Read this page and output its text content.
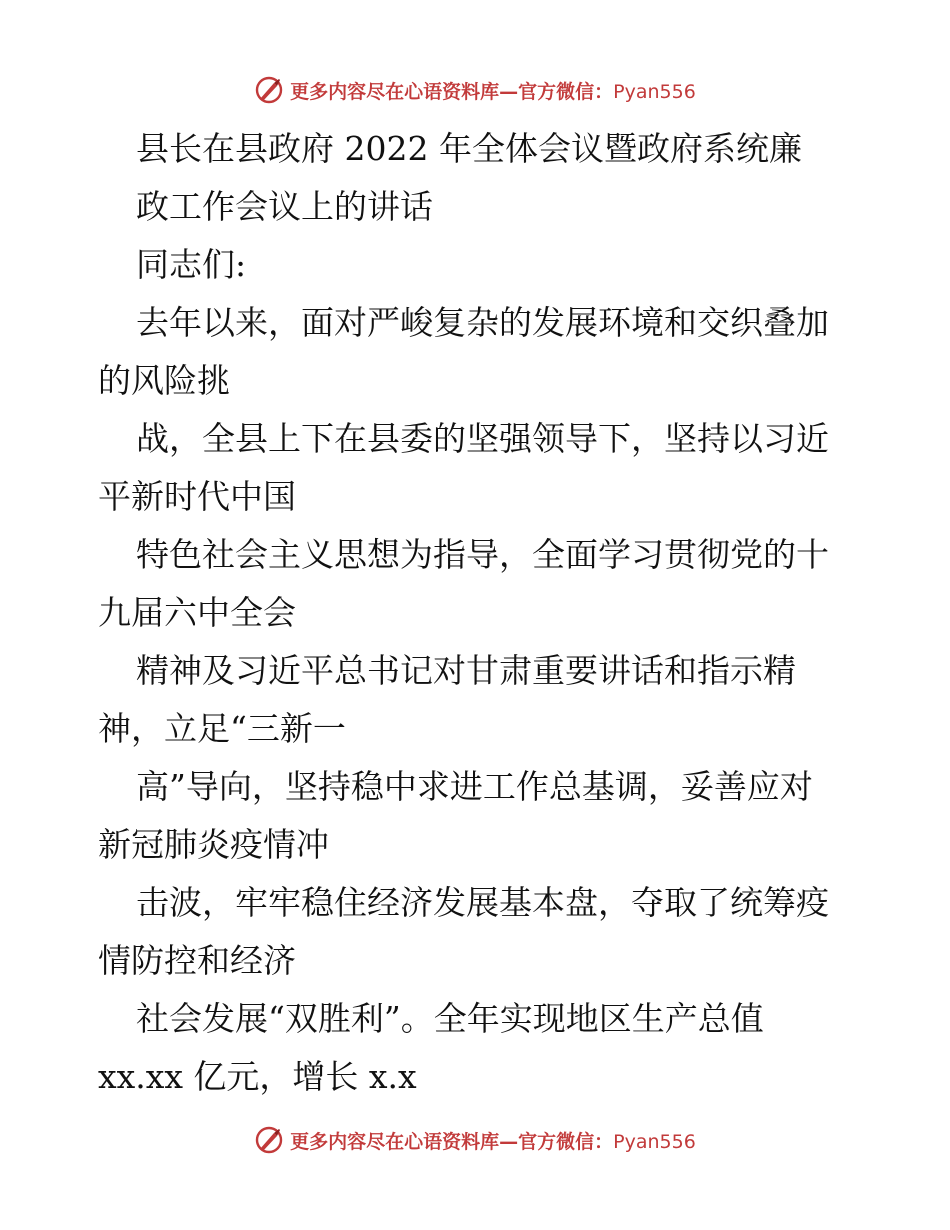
更多内容尽在心语资料库—官方微信：Pyan556
县长在县政府 2022 年全体会议暨政府系统廉
政工作会议上的讲话
同志们:
去年以来，面对严峻复杂的发展环境和交织叠加
的风险挑
战，全县上下在县委的坚强领导下，坚持以习近
平新时代中国
特色社会主义思想为指导，全面学习贯彻党的十
九届六中全会
精神及习近平总书记对甘肃重要讲话和指示精
神，立足“三新一
高”导向，坚持稳中求进工作总基调，妥善应对
新冠肺炎疫情冲
击波，牢牢稳住经济发展基本盘，夺取了统筹疫
情防控和经济
社会发展“双胜利”。全年实现地区生产总值
xx.xx 亿元，增长 x.x
更多内容尽在心语资料库—官方微信：Pyan556
